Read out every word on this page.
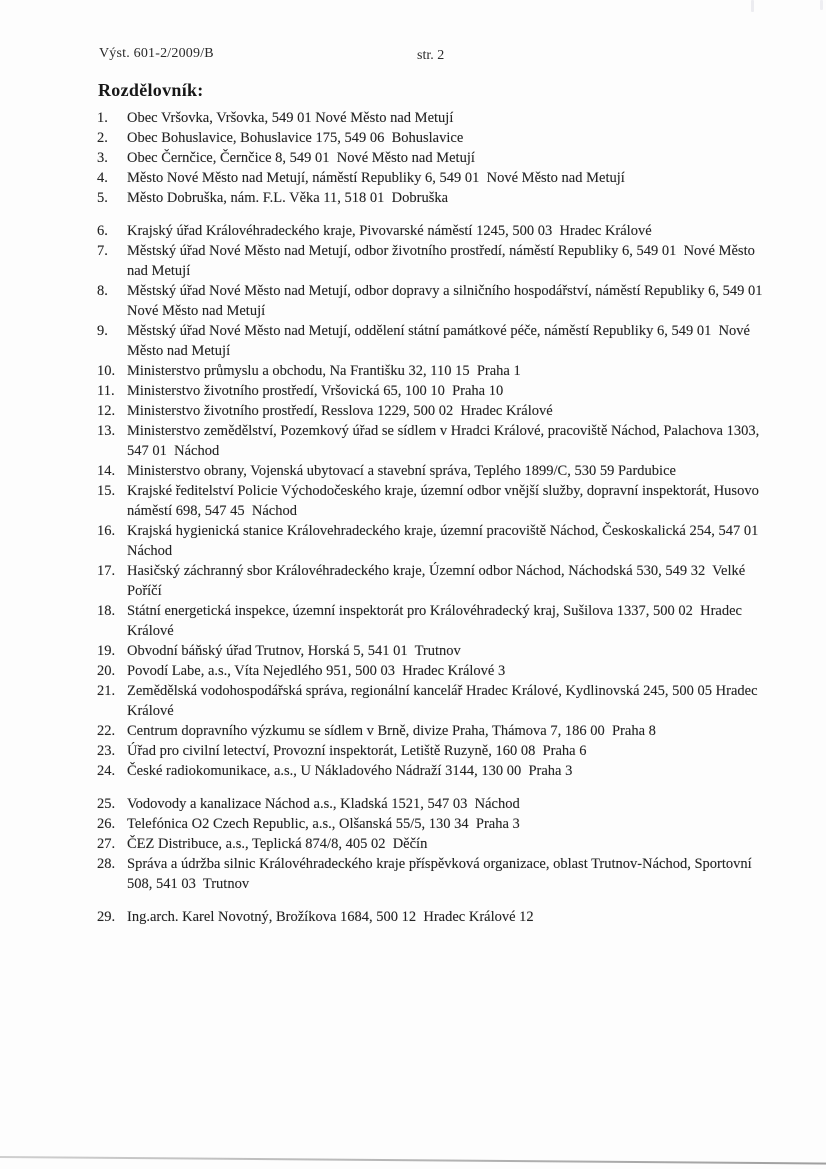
Výst. 601-2/2009/B	str. 2
Rozdělovník:
1.	Obec Vršovka, Vršovka, 549 01 Nové Město nad Metují
2.	Obec Bohuslavice, Bohuslavice 175, 549 06  Bohuslavice
3.	Obec Černčice, Černčice 8, 549 01  Nové Město nad Metují
4.	Město Nové Město nad Metují, náměstí Republiky 6, 549 01  Nové Město nad Metují
5.	Město Dobruška, nám. F.L. Věka 11, 518 01  Dobruška
6.	Krajský úřad Královéhradeckého kraje, Pivovarské náměstí 1245, 500 03  Hradec Králové
7.	Městský úřad Nové Město nad Metují, odbor životního prostředí, náměstí Republiky 6, 549 01  Nové Město nad Metují
8.	Městský úřad Nové Město nad Metují, odbor dopravy a silničního hospodářství, náměstí Republiky 6, 549 01  Nové Město nad Metují
9.	Městský úřad Nové Město nad Metují, oddělení státní památkové péče, náměstí Republiky 6, 549 01  Nové Město nad Metují
10. Ministerstvo průmyslu a obchodu, Na Františku 32, 110 15  Praha 1
11. Ministerstvo životního prostředí, Vršovická 65, 100 10  Praha 10
12. Ministerstvo životního prostředí, Resslova 1229, 500 02  Hradec Králové
13. Ministerstvo zemědělství, Pozemkový úřad se sídlem v Hradci Králové, pracoviště Náchod, Palachova 1303, 547 01  Náchod
14. Ministerstvo obrany, Vojenská ubytovací a stavební správa, Teplého 1899/C, 530 59 Pardubice
15. Krajské ředitelství Policie Východočeského kraje, územní odbor vnější služby, dopravní inspektorát, Husovo náměstí 698, 547 45  Náchod
16. Krajská hygienická stanice Královehradeckého kraje, územní pracoviště Náchod, Českoskalická 254, 547 01  Náchod
17. Hasičský záchranný sbor Královéhradeckého kraje, Územní odbor Náchod, Náchodská 530, 549 32  Velké Poříčí
18. Státní energetická inspekce, územní inspektorát pro Královéhradecký kraj, Sušilova 1337, 500 02  Hradec Králové
19. Obvodní báňský úřad Trutnov, Horská 5, 541 01  Trutnov
20. Povodí Labe, a.s., Víta Nejedlého 951, 500 03  Hradec Králové 3
21. Zemědělská vodohospodářská správa, regionální kancelář Hradec Králové, Kydlinovská 245, 500 05 Hradec Králové
22. Centrum dopravního výzkumu se sídlem v Brně, divize Praha, Thámova 7, 186 00  Praha 8
23. Úřad pro civilní letectví, Provozní inspektorát, Letiště Ruzyně, 160 08  Praha 6
24. České radiokomunikace, a.s., U Nákladového Nádraží 3144, 130 00  Praha 3
25. Vodovody a kanalizace Náchod a.s., Kladská 1521, 547 03  Náchod
26. Telefónica O2 Czech Republic, a.s., Olšanská 55/5, 130 34  Praha 3
27. ČEZ Distribuce, a.s., Teplická 874/8, 405 02  Děčín
28. Správa a údržba silnic Královéhradeckého kraje příspěvková organizace, oblast Trutnov-Náchod, Sportovní 508, 541 03  Trutnov
29. Ing.arch. Karel Novotný, Brožíkova 1684, 500 12  Hradec Králové 12
